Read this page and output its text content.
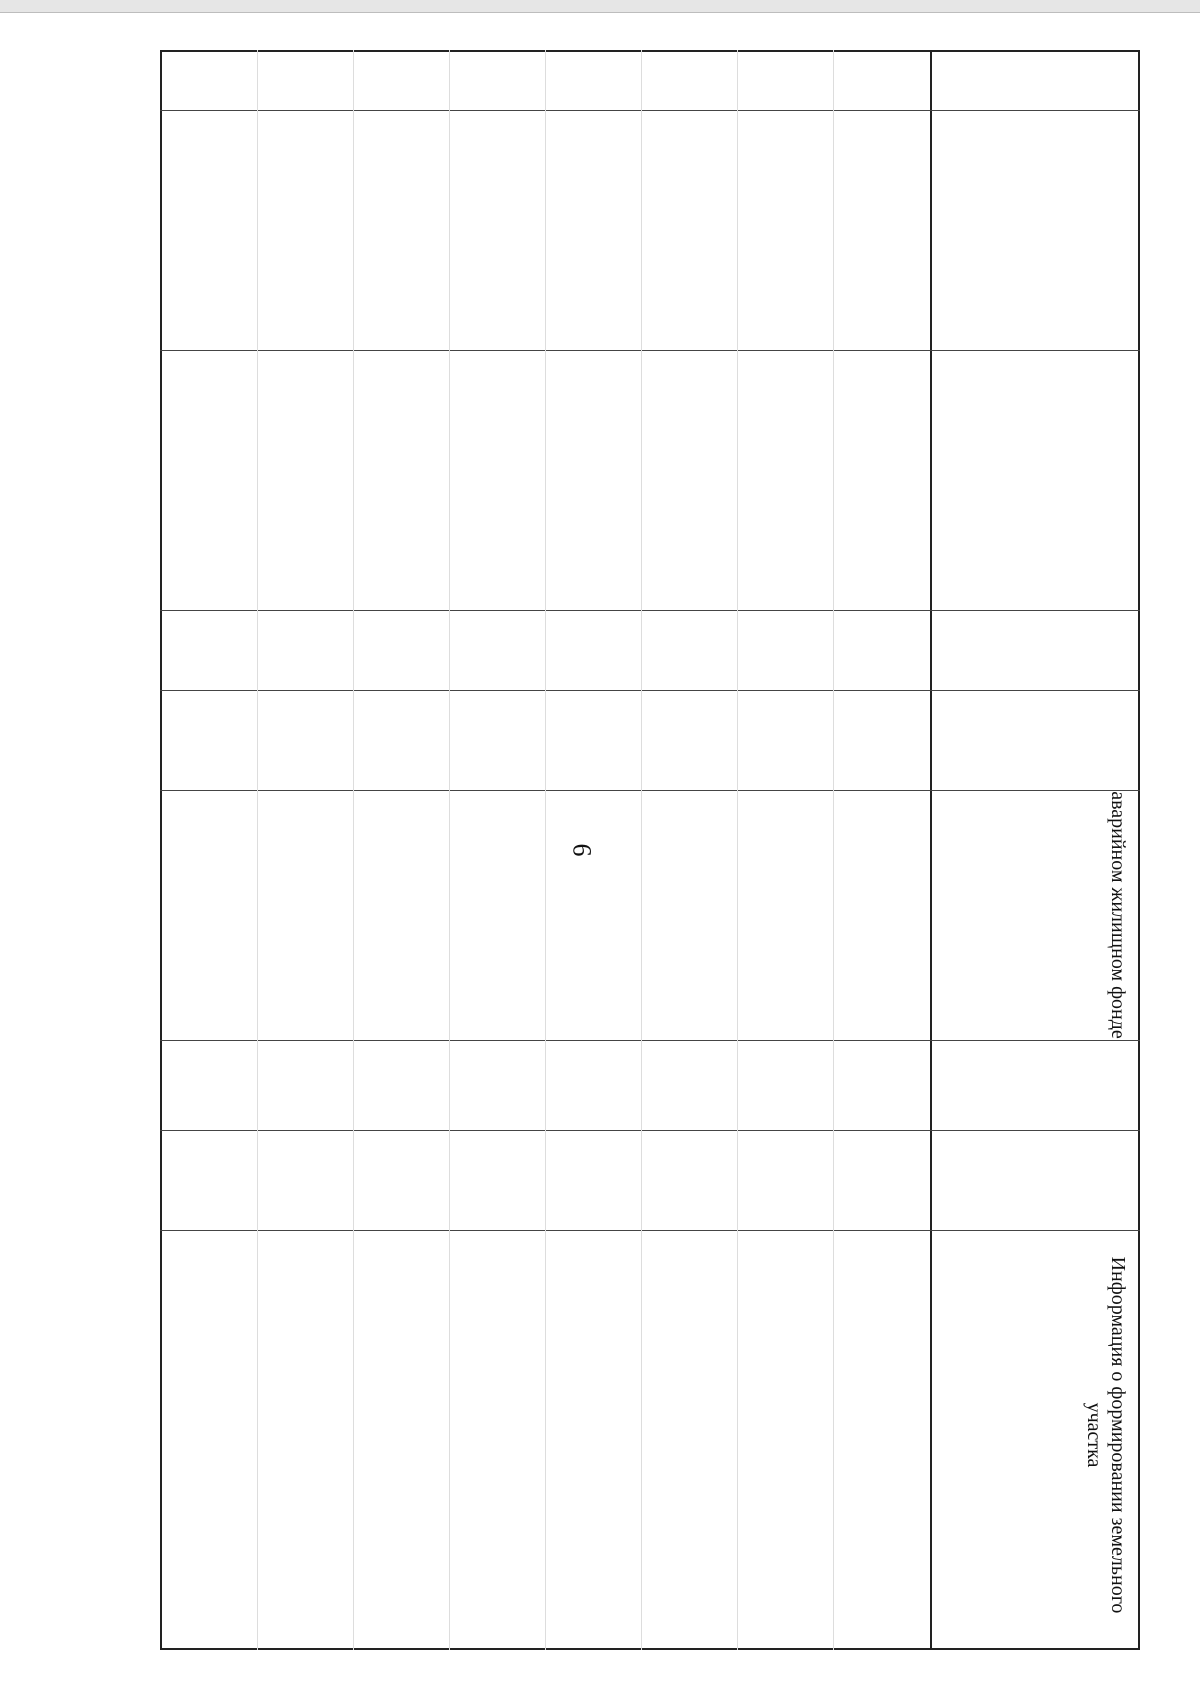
6	аварийном жилищном фонде
Информация о формировании земельного участка
